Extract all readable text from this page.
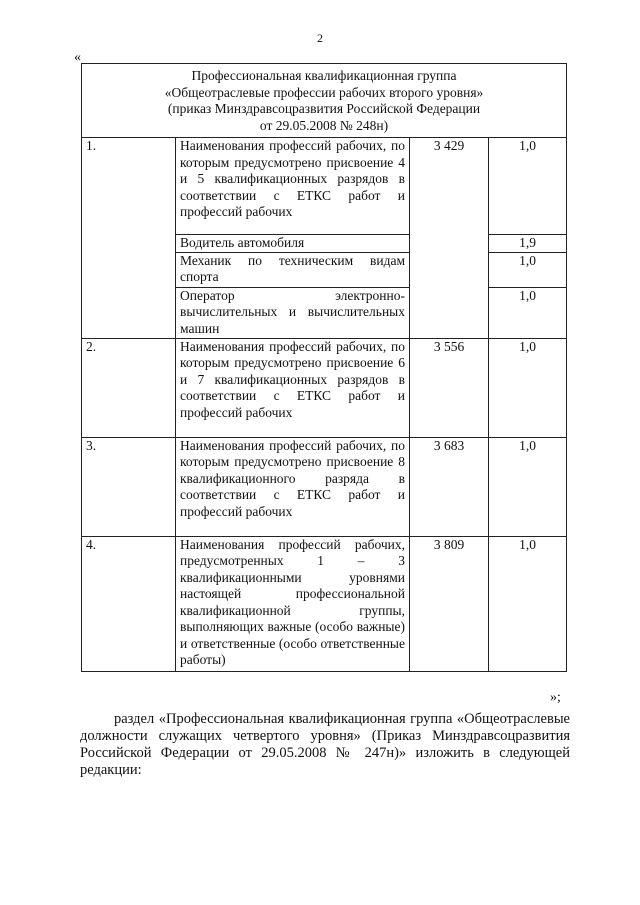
2
«
Профессиональная квалификационная группа
«Общеотраслевые профессии рабочих второго уровня»
(приказ Минздравсоцразвития Российской Федерации
от 29.05.2008 № 248н)			

1.	Наименования профессий рабочих, по которым предусмотрено присвоение 4 и 5 квалификационных разрядов в соответствии с ЕТКС работ и профессий рабочих	3 429	1,0
	Водитель автомобиля		1,9
	Механик по техническим видам спорта		1,0
	Оператор электронно-вычислительных и вычислительных машин		1,0
2.	Наименования профессий рабочих, по которым предусмотрено присвоение 6 и 7 квалификационных разрядов в соответствии с ЕТКС работ и профессий рабочих	3 556	1,0
3.	Наименования профессий рабочих, по которым предусмотрено присвоение 8 квалификационного разряда в соответствии с ЕТКС работ и профессий рабочих	3 683	1,0
4.	Наименования профессий рабочих, предусмотренных 1 – 3 квалификационными уровнями настоящей профессиональной квалификационной группы, выполняющих важные (особо важные) и ответственные (особо ответственные работы)	3 809	1,0
»;
раздел «Профессиональная квалификационная группа «Общеотраслевые должности служащих четвертого уровня» (Приказ Минздравсоцразвития Российской Федерации от 29.05.2008 № 247н)» изложить в следующей редакции:
